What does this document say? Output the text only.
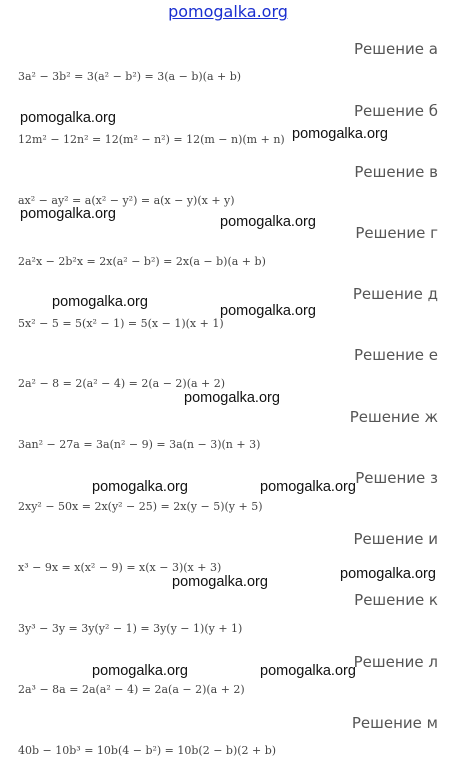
pomogalka.org
Решение а
3a² − 3b² = 3(a² − b²) = 3(a − b)(a + b)
Решение б
12m² − 12n² = 12(m² − n²) = 12(m − n)(m + n)
Решение в
ax² − ay² = a(x² − y²) = a(x − y)(x + y)
Решение г
2a²x − 2b²x = 2x(a² − b²) = 2x(a − b)(a + b)
Решение д
5x² − 5 = 5(x² − 1) = 5(x − 1)(x + 1)
Решение е
2a² − 8 = 2(a² − 4) = 2(a − 2)(a + 2)
Решение ж
3an² − 27a = 3a(n² − 9) = 3a(n − 3)(n + 3)
Решение з
2xy² − 50x = 2x(y² − 25) = 2x(y − 5)(y + 5)
Решение и
x³ − 9x = x(x² − 9) = x(x − 3)(x + 3)
Решение к
3y³ − 3y = 3y(y² − 1) = 3y(y − 1)(y + 1)
Решение л
2a³ − 8a = 2a(a² − 4) = 2a(a − 2)(a + 2)
Решение м
40b − 10b³ = 10b(4 − b²) = 10b(2 − b)(2 + b)
pomogalka.org
pomogalka.org
pomogalka.org	pomogalka.org
pomogalka.org
pomogalka.org
pomogalka.org
pomogalka.org	pomogalka.org
pomogalka.org	pomogalka.org
pomogalka.org	pomogalka.org
